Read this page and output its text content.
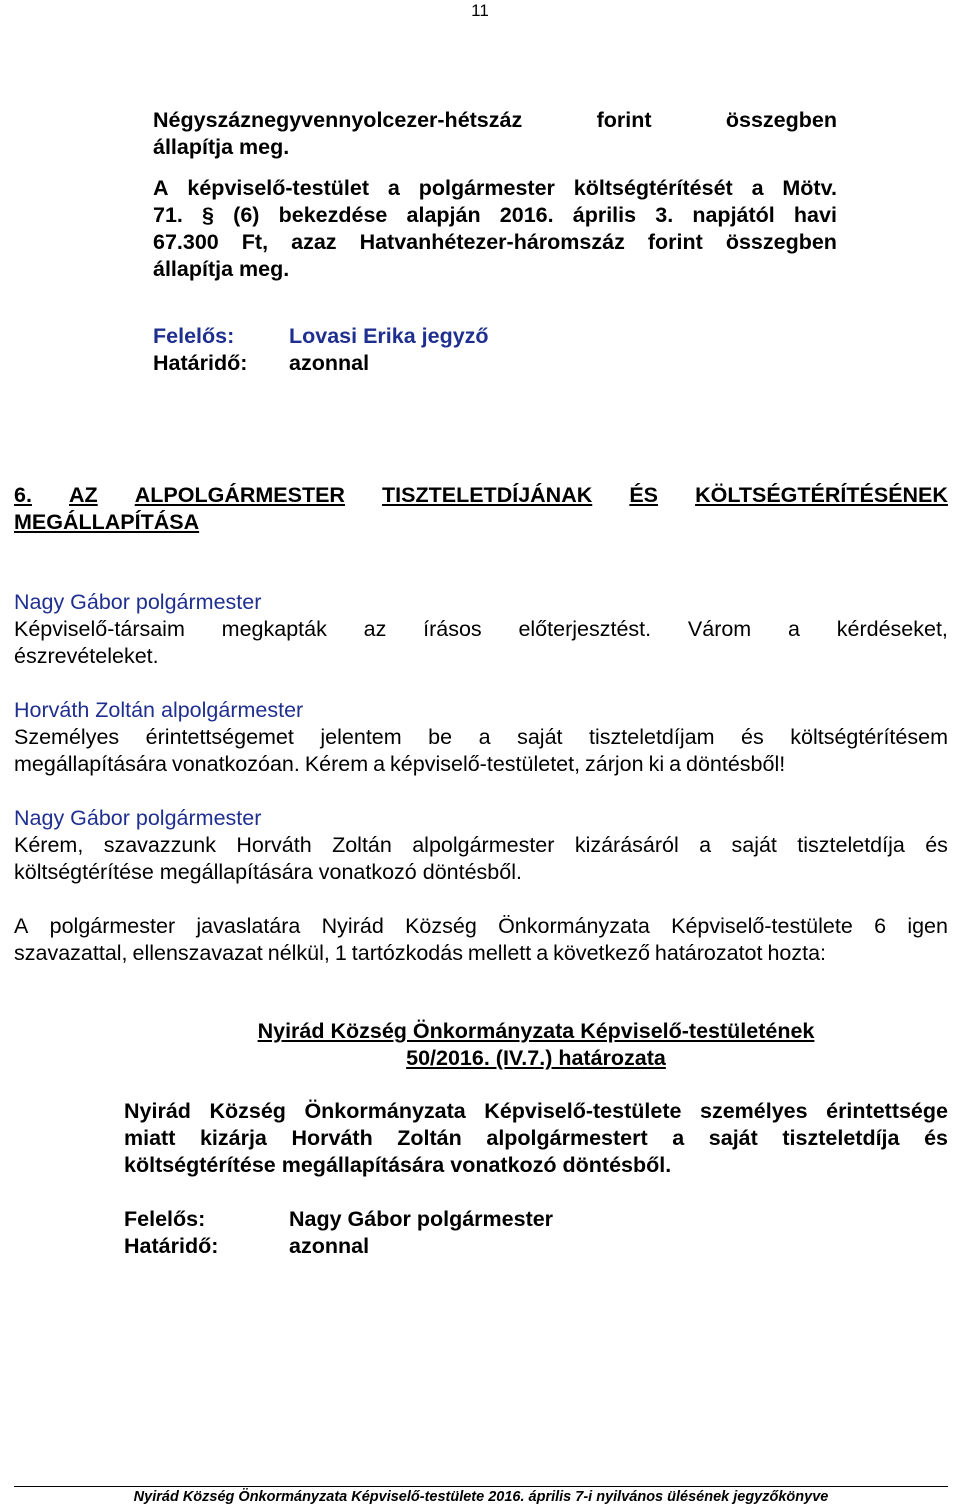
11
Négyszáznegyvennyolcezer-hétszáz	forint	összegben
állapítja meg.
A képviselő-testület a polgármester költségtérítését a Mötv.
71. § (6) bekezdése alapján 2016. április 3. napjától havi
67.300 Ft, azaz Hatvanhétezer-háromszáz forint összegben
állapítja meg.
Felelős:	Lovasi Erika jegyző
Határidő: azonnal
6. AZ ALPOLGÁRMESTER TISZTELETDÍJÁNAK ÉS KÖLTSÉGTÉRÍTÉSÉNEK
MEGÁLLAPÍTÁSA
Nagy Gábor polgármester
Képviselő-társaim megkapták az írásos előterjesztést. Várom a kérdéseket,
észrevételeket.
Horváth Zoltán alpolgármester
Személyes érintettségemet jelentem be a saját tiszteletdíjam és költségtérítésem
megállapítására vonatkozóan. Kérem a képviselő-testületet, zárjon ki a döntésből!
Nagy Gábor polgármester
Kérem, szavazzunk Horváth Zoltán alpolgármester kizárásáról a saját tiszteletdíja és
költségtérítése megállapítására vonatkozó döntésből.
A polgármester javaslatára Nyirád Község Önkormányzata Képviselő-testülete 6 igen
szavazattal, ellenszavazat nélkül, 1 tartózkodás mellett a következő határozatot hozta:
Nyirád Község Önkormányzata Képviselő-testületének
50/2016. (IV.7.) határozata
Nyirád Község Önkormányzata Képviselő-testülete személyes érintettsége
miatt kizárja Horváth Zoltán alpolgármestert a saját tiszteletdíja és
költségtérítése megállapítására vonatkozó döntésből.
Felelős:	Nagy Gábor polgármester
Határidő:	azonnal
Nyirád Község Önkormányzata Képviselő-testülete 2016. április 7-i nyilvános ülésének jegyzőkönyve
